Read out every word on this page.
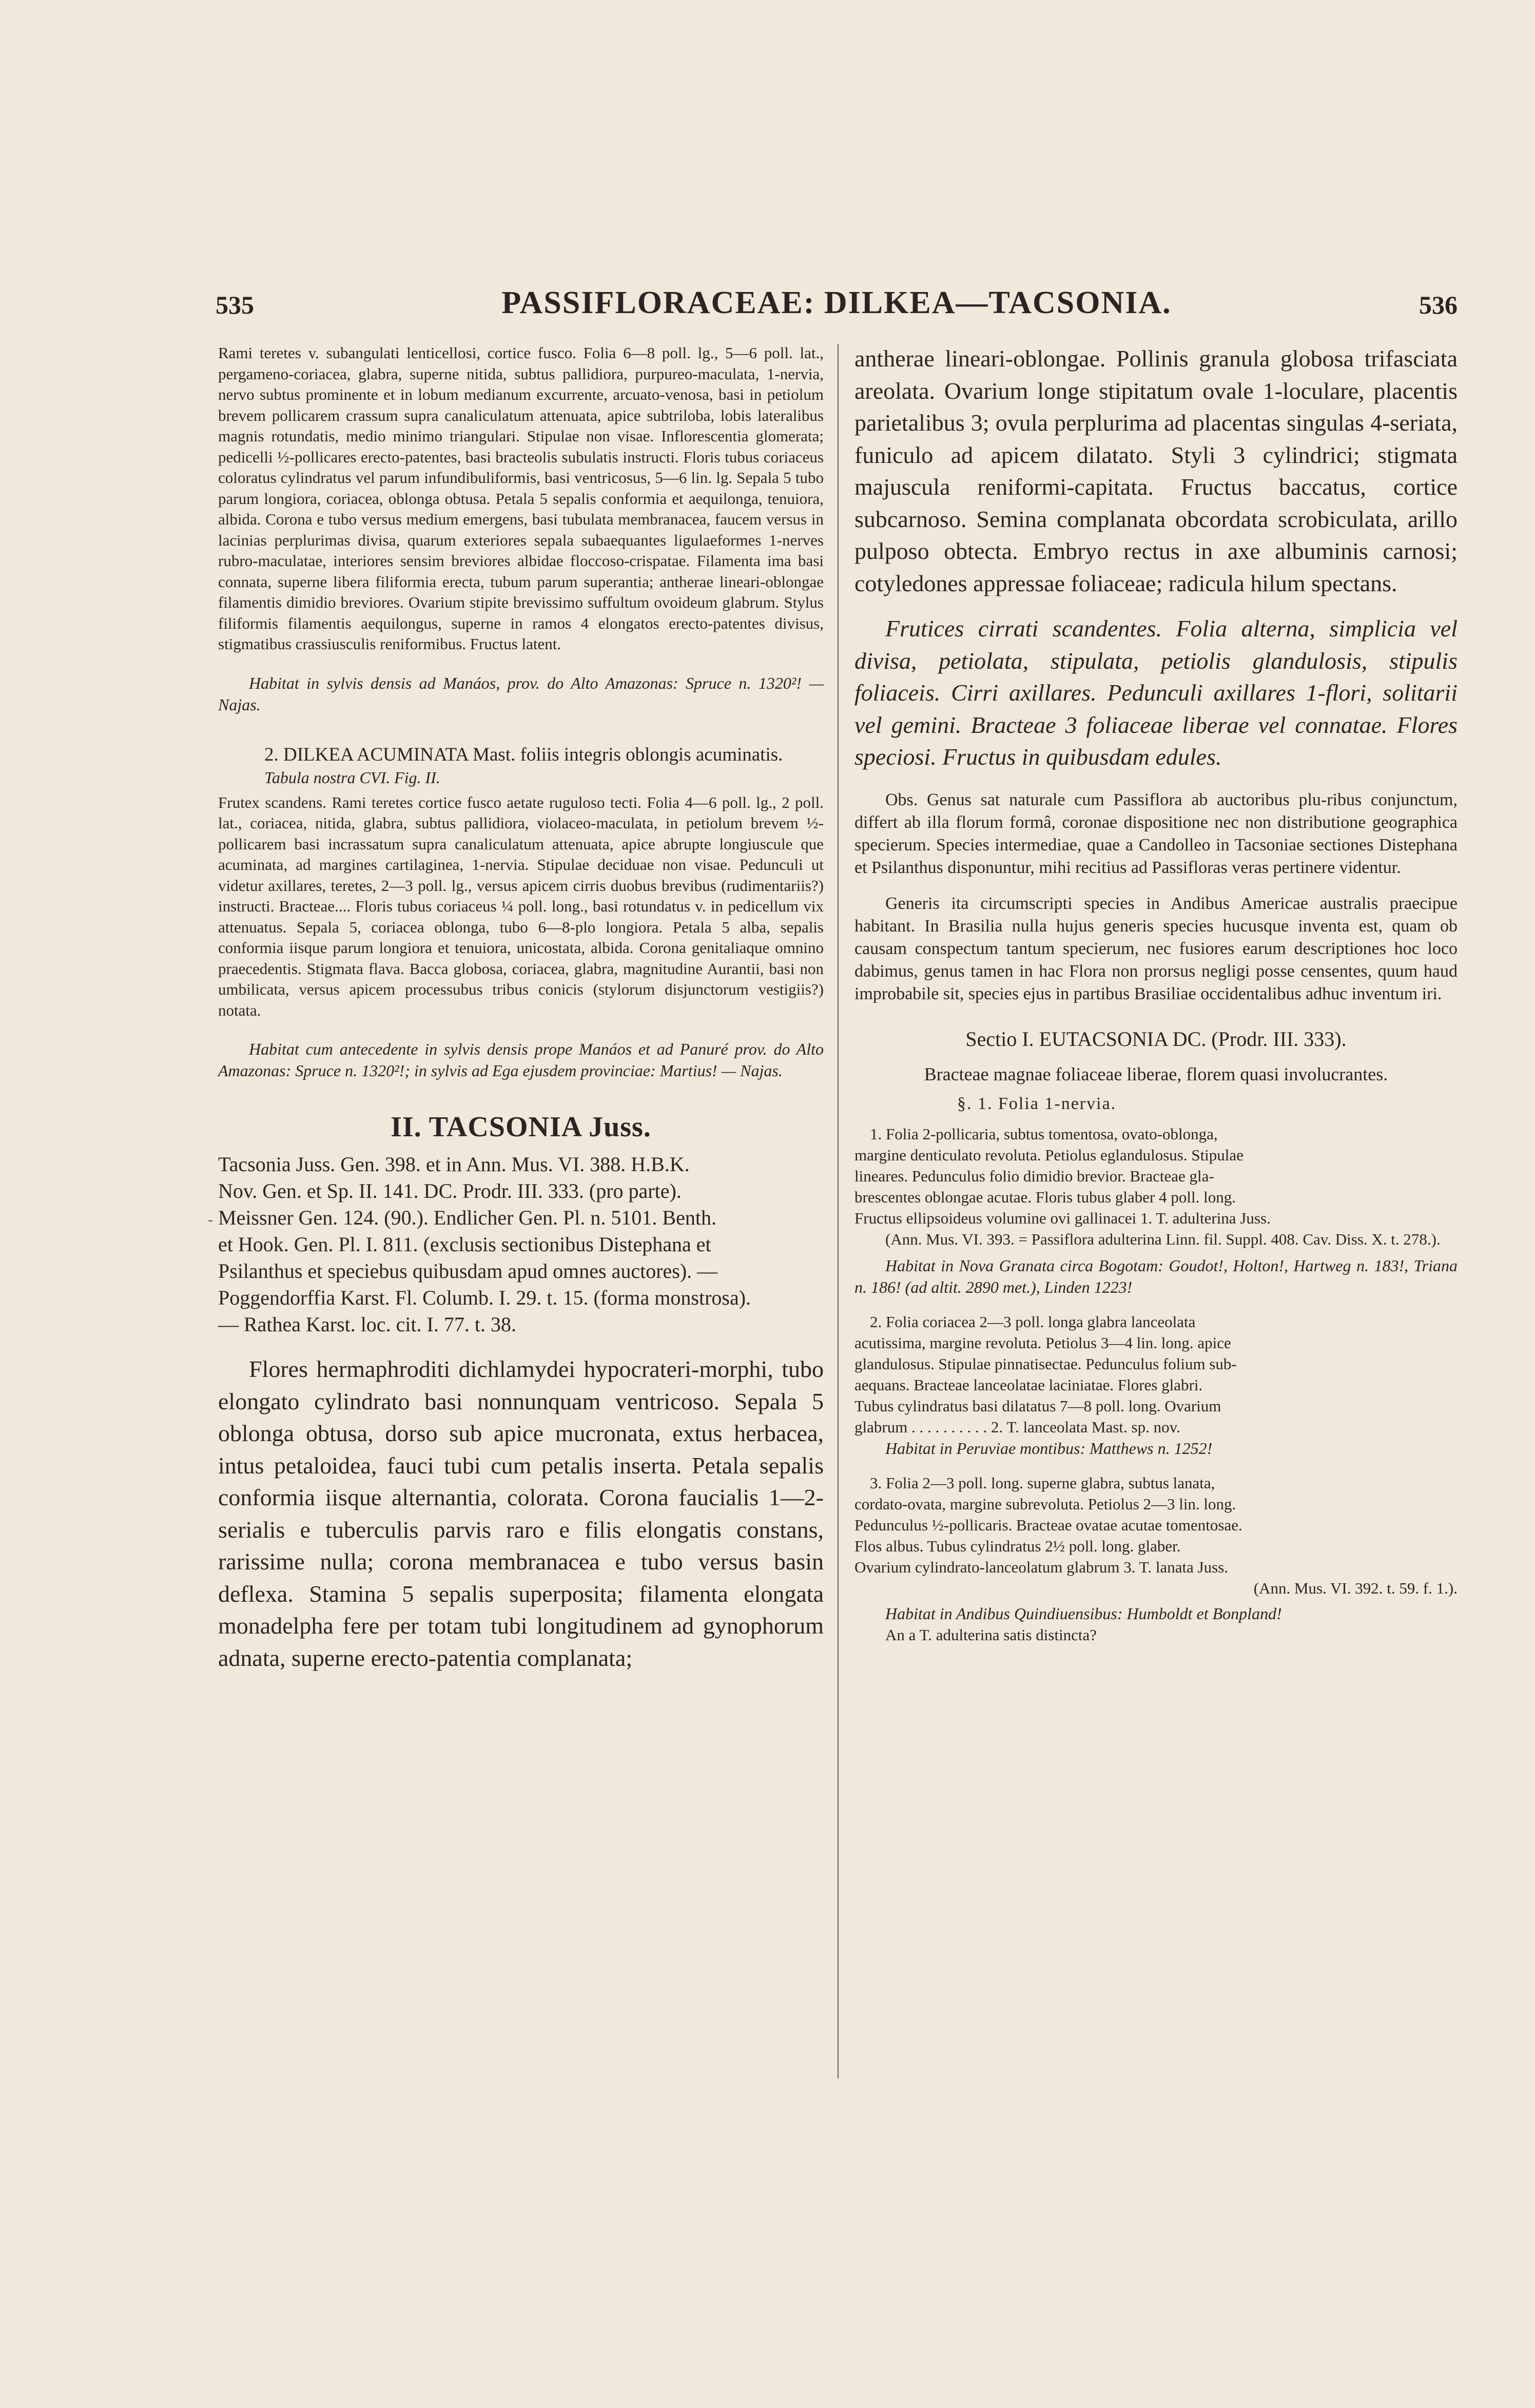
535	PASSIFLORACEAE: DILKEA—TACSONIA.	536
-

Rami teretes v. subangulati lenticellosi, cortice fusco. Folia 6—8 poll. lg., 5—6 poll. lat., pergameno-coriacea, glabra, superne nitida, subtus pallidiora, purpureo-maculata, 1-nervia, nervo subtus prominente et in lobum medianum excurrente, arcuato-venosa, basi in petiolum brevem pollicarem crassum supra canaliculatum attenuata, apice subtriloba, lobis lateralibus magnis rotundatis, medio minimo triangulari. Stipulae non visae. Inflorescentia glomerata; pedicelli ½-pollicares erecto-patentes, basi bracteolis subulatis instructi. Floris tubus coriaceus coloratus cylindratus vel parum infundibuliformis, basi ventricosus, 5—6 lin. lg. Sepala 5 tubo parum longiora, coriacea, oblonga obtusa. Petala 5 sepalis conformia et aequilonga, tenuiora, albida. Corona e tubo versus medium emergens, basi tubulata membranacea, faucem versus in lacinias perplurimas divisa, quarum exteriores sepala subaequantes ligulaeformes 1-nerves rubro-maculatae, interiores sensim breviores albidae floccoso-crispatae. Filamenta ima basi connata, superne libera filiformia erecta, tubum parum superantia; antherae lineari-oblongae filamentis dimidio breviores. Ovarium stipite brevissimo suffultum ovoideum glabrum. Stylus filiformis filamentis aequilongus, superne in ramos 4 elongatos erecto-patentes divisus, stigmatibus crassiusculis reniformibus. Fructus latent.

Habitat in sylvis densis ad Manáos, prov. do Alto Amazonas: Spruce n. 1320²! — Najas.

2. DILKEA ACUMINATA Mast. foliis integris oblongis acuminatis.

Tabula nostra CVI. Fig. II.

Frutex scandens. Rami teretes cortice fusco aetate ruguloso tecti. Folia 4—6 poll. lg., 2 poll. lat., coriacea, nitida, glabra, subtus pallidiora, violaceo-maculata, in petiolum brevem ½-pollicarem basi incrassatum supra canaliculatum attenuata, apice abrupte longiuscule que acuminata, ad margines cartilaginea, 1-nervia. Stipulae deciduae non visae. Pedunculi ut videtur axillares, teretes, 2—3 poll. lg., versus apicem cirris duobus brevibus (rudimentariis?) instructi. Bracteae.... Floris tubus coriaceus ¼ poll. long., basi rotundatus v. in pedicellum vix attenuatus. Sepala 5, coriacea oblonga, tubo 6—8-plo longiora. Petala 5 alba, sepalis conformia iisque parum longiora et tenuiora, unicostata, albida. Corona genitaliaque omnino praecedentis. Stigmata flava. Bacca globosa, coriacea, glabra, magnitudine Aurantii, basi non umbilicata, versus apicem processubus tribus conicis (stylorum disjunctorum vestigiis?) notata.

Habitat cum antecedente in sylvis densis prope Manáos et ad Panuré prov. do Alto Amazonas: Spruce n. 1320²!; in sylvis ad Ega ejusdem provinciae: Martius! — Najas.

II. TACSONIA Juss.
Tacsonia Juss. Gen. 398. et in Ann. Mus. VI. 388. H.B.K.
Nov. Gen. et Sp. II. 141. DC. Prodr. III. 333. (pro parte).
Meissner Gen. 124. (90.). Endlicher Gen. Pl. n. 5101. Benth.
et Hook. Gen. Pl. I. 811. (exclusis sectionibus Distephana et
Psilanthus et speciebus quibusdam apud omnes auctores). —
Poggendorffia Karst. Fl. Columb. I. 29. t. 15. (forma monstrosa).
— Rathea Karst. loc. cit. I. 77. t. 38.

Flores hermaphroditi dichlamydei hypocrateri-morphi, tubo elongato cylindrato basi nonnunquam ventricoso. Sepala 5 oblonga obtusa, dorso sub apice mucronata, extus herbacea, intus petaloidea, fauci tubi cum petalis inserta. Petala sepalis conformia iisque alternantia, colorata. Corona faucialis 1—2-serialis e tuberculis parvis raro e filis elongatis constans, rarissime nulla; corona membranacea e tubo versus basin deflexa. Stamina 5 sepalis superposita; filamenta elongata monadelpha fere per totam tubi longitudinem ad gynophorum adnata, superne erecto-patentia complanata;

antherae lineari-oblongae. Pollinis granula globosa trifasciata areolata. Ovarium longe stipitatum ovale 1-loculare, placentis parietalibus 3; ovula perplurima ad placentas singulas 4-seriata, funiculo ad apicem dilatato. Styli 3 cylindrici; stigmata majuscula reniformi-capitata. Fructus baccatus, cortice subcarnoso. Semina complanata obcordata scrobiculata, arillo pulposo obtecta. Embryo rectus in axe albuminis carnosi; cotyledones appressae foliaceae; radicula hilum spectans.

Frutices cirrati scandentes. Folia alterna, simplicia vel divisa, petiolata, stipulata, petiolis glandulosis, stipulis foliaceis. Cirri axillares. Pedunculi axillares 1-flori, solitarii vel gemini. Bracteae 3 foliaceae liberae vel connatae. Flores speciosi. Fructus in quibusdam edules.

Obs. Genus sat naturale cum Passiflora ab auctoribus plu-ribus conjunctum, differt ab illa florum formâ, coronae dispositione nec non distributione geographica specierum. Species intermediae, quae a Candolleo in Tacsoniae sectiones Distephana et Psilanthus disponuntur, mihi recitius ad Passifloras veras pertinere videntur.

Generis ita circumscripti species in Andibus Americae australis praecipue habitant. In Brasilia nulla hujus generis species hucusque inventa est, quam ob causam conspectum tantum specierum, nec fusiores earum descriptiones hoc loco dabimus, genus tamen in hac Flora non prorsus negligi posse censentes, quum haud improbabile sit, species ejus in partibus Brasiliae occidentalibus adhuc inventum iri.

Sectio I. EUTACSONIA DC. (Prodr. III. 333).
Bracteae magnae foliaceae liberae, florem quasi involucrantes.
§. 1. Folia 1-nervia.
1. Folia 2-pollicaria, subtus tomentosa, ovato-oblonga,
margine denticulato revoluta. Petiolus eglandulosus. Stipulae
lineares. Pedunculus folio dimidio brevior. Bracteae gla-
brescentes oblongae acutae. Floris tubus glaber 4 poll. long.
Fructus ellipsoideus volumine ovi gallinacei 1. T. adulterina Juss.

(Ann. Mus. VI. 393. = Passiflora adulterina Linn. fil. Suppl. 408. Cav. Diss. X. t. 278.).

Habitat in Nova Granata circa Bogotam: Goudot!, Holton!, Hartweg n. 183!, Triana n. 186! (ad altit. 2890 met.), Linden 1223!

2. Folia coriacea 2—3 poll. longa glabra lanceolata
acutissima, margine revoluta. Petiolus 3—4 lin. long. apice
glandulosus. Stipulae pinnatisectae. Pedunculus folium sub-
aequans. Bracteae lanceolatae laciniatae. Flores glabri.
Tubus cylindratus basi dilatatus 7—8 poll. long. Ovarium
glabrum . . . . . . . . . . 2. T. lanceolata Mast. sp. nov.

Habitat in Peruviae montibus: Matthews n. 1252!

3. Folia 2—3 poll. long. superne glabra, subtus lanata,
cordato-ovata, margine subrevoluta. Petiolus 2—3 lin. long.
Pedunculus ½-pollicaris. Bracteae ovatae acutae tomentosae.
Flos albus. Tubus cylindratus 2½ poll. long. glaber.
Ovarium cylindrato-lanceolatum glabrum 3. T. lanata Juss.
(Ann. Mus. VI. 392. t. 59. f. 1.).

Habitat in Andibus Quindiuensibus: Humboldt et Bonpland!

An a T. adulterina satis distincta?
